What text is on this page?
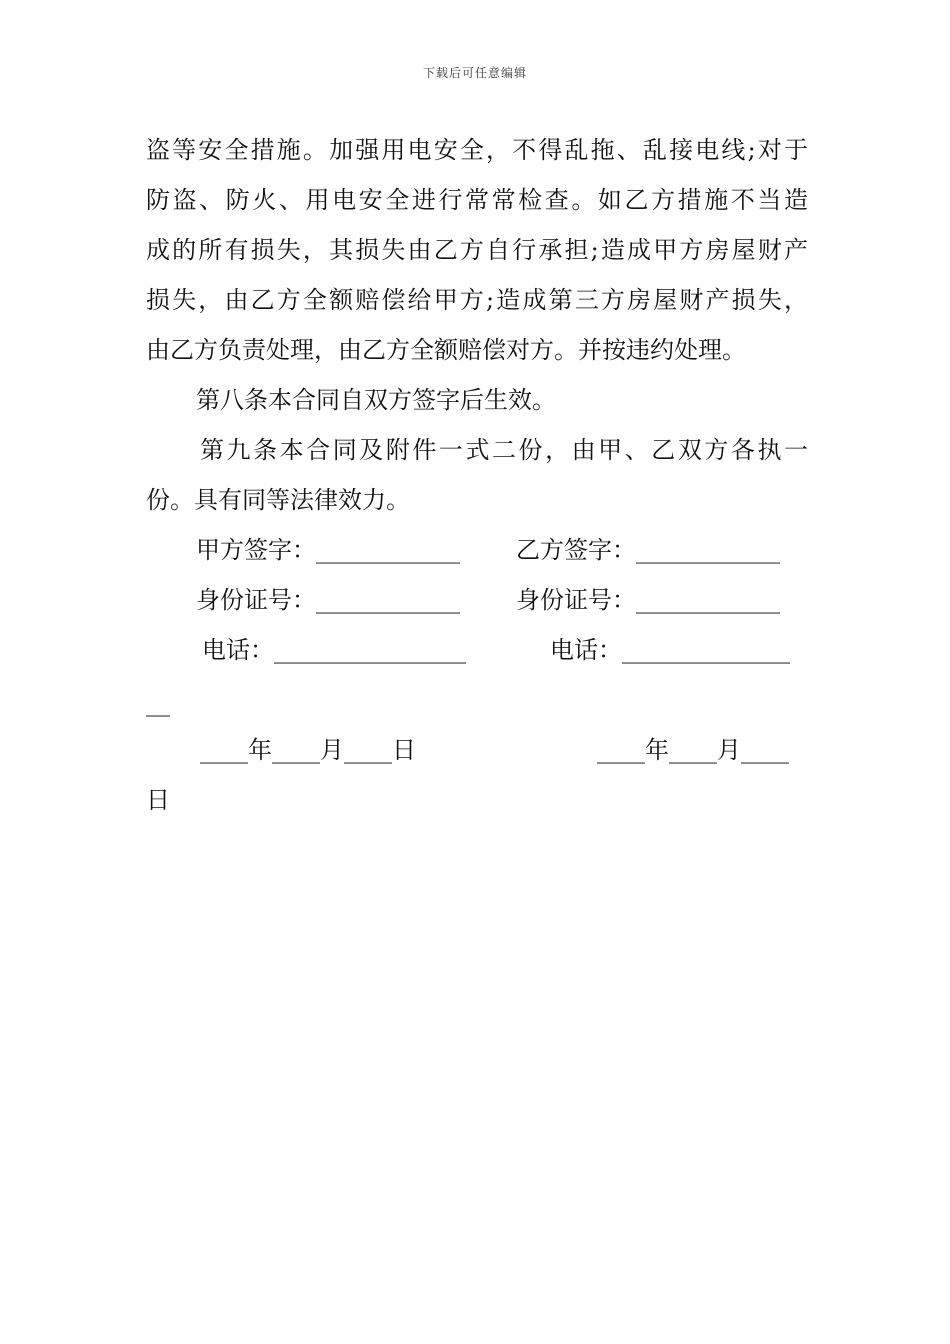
下载后可任意编辑
盗等安全措施。加强用电安全，不得乱拖、乱接电线;对于
防盗、防火、用电安全进行常常检查。如乙方措施不当造
成的所有损失，其损失由乙方自行承担;造成甲方房屋财产
损失，由乙方全额赔偿给甲方;造成第三方房屋财产损失，
由乙方负责处理，由乙方全额赔偿对方。并按违约处理。
第八条本合同自双方签字后生效。
第九条本合同及附件一式二份，由甲、乙双方各执一
份。具有同等法律效力。
甲方签字：____________ 乙方签字：____________
身份证号：____________ 身份证号：____________
电话：________________	电话：______________
__
____年____月____日	____年____月____
日
